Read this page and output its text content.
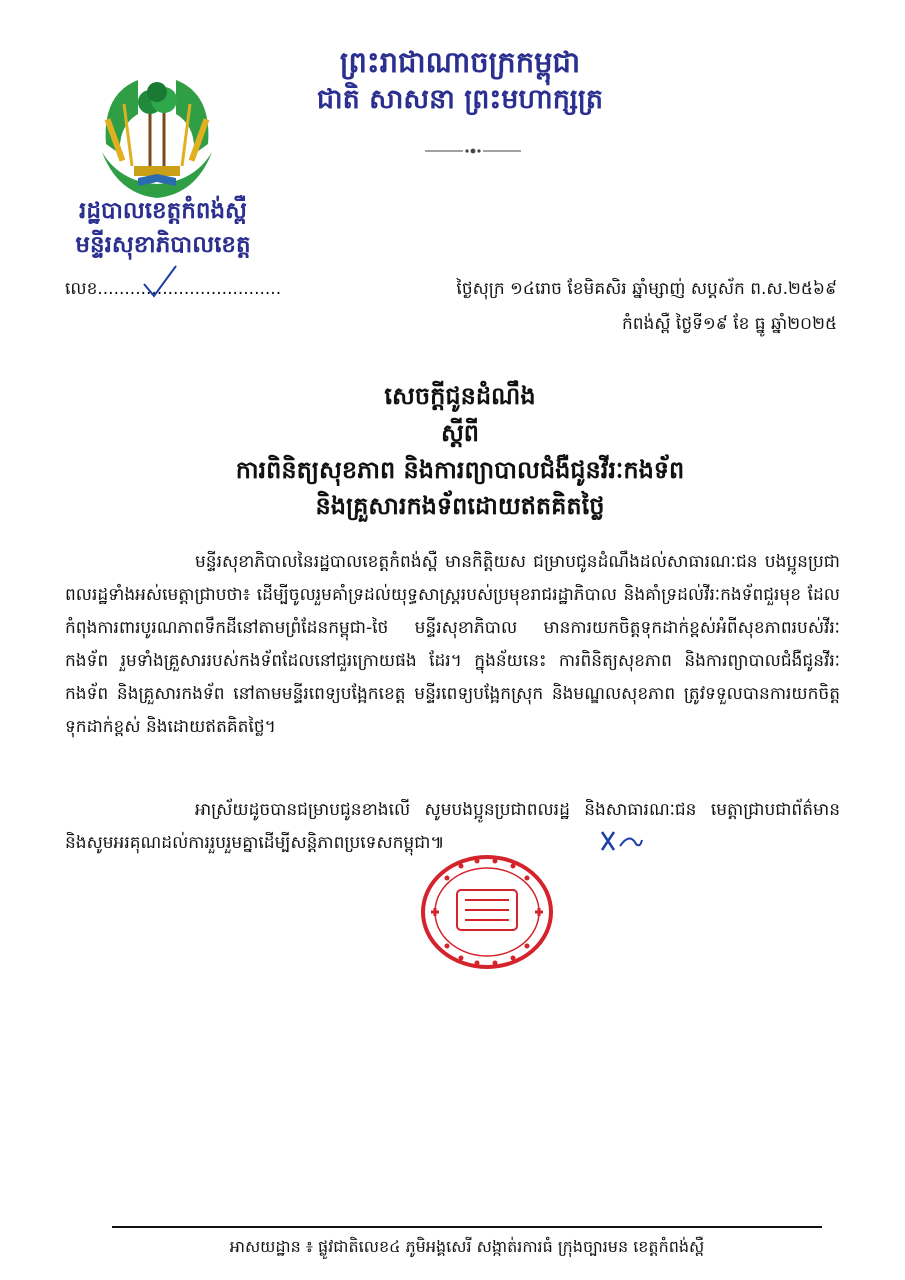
ព្រះរាជាណាចក្រកម្ពុជា
ជាតិ សាសនា ព្រះមហាក្សត្រ
រដ្ឋបាលខេត្តកំពង់ស្ពឺ
មន្ទីរសុខាភិបាលខេត្ត
លេខ..................................	ថ្ងៃសុក្រ ១៤រោច ខែមិគសិរ ឆ្នាំម្សាញ់ សប្តស័ក ព.ស.២៥៦៩
កំពង់ស្ពឺ ថ្ងៃទី១៩ ខែ ធ្នូ ឆ្នាំ២០២៥
សេចក្តីជូនដំណឹង
ស្តីពី
ការពិនិត្យសុខភាព និងការព្យាបាលជំងឺជូនវីរៈកងទ័ព
និងគ្រួសារកងទ័ពដោយឥតគិតថ្លៃ

មន្ទីរសុខាភិបាលនៃរដ្ឋបាលខេត្តកំពង់ស្ពឺ មានកិត្តិយស ជម្រាបជូនដំណឹងដល់សាធារណៈជន បងប្អូនប្រជាពលរដ្ឋទាំងអស់មេត្តាជ្រាបថា៖ ដើម្បីចូលរួមគាំទ្រដល់យុទ្ធសាស្ត្ររបស់ប្រមុខរាជរដ្ឋាភិបាល និងគាំទ្រដល់វីរៈកងទ័ពជួរមុខ ដែលកំពុងការពារបូរណភាពទឹកដីនៅតាមព្រំដែនកម្ពុជា-ថៃ មន្ទីរសុខាភិបាល មានការយកចិត្តទុកដាក់ខ្ពស់អំពីសុខភាពរបស់វីរៈកងទ័ព រួមទាំងគ្រួសាររបស់កងទ័ពដែលនៅជួរក្រោយផង ដែរ។ ក្នុងន័យនេះ ការពិនិត្យសុខភាព និងការព្យាបាលជំងឺជូនវីរៈកងទ័ព និងគ្រួសារកងទ័ព នៅតាមមន្ទីរពេទ្យបង្អែកខេត្ត មន្ទីរពេទ្យបង្អែកស្រុក និងមណ្ឌលសុខភាព ត្រូវទទួលបានការយកចិត្តទុកដាក់ខ្ពស់ និងដោយឥតគិតថ្លៃ។

អាស្រ័យដូចបានជម្រាបជូនខាងលើ សូមបងប្អូនប្រជាពលរដ្ឋ និងសាធារណៈជន មេត្តាជ្រាបជាព័ត៌មាន និងសូមអរគុណដល់ការរួបរួមគ្នាដើម្បីសន្តិភាពប្រទេសកម្ពុជា៕

អាសយដ្ឋាន ៖ ផ្លូវជាតិលេខ៤ ភូមិអង្គសេរី សង្កាត់រការធំ ក្រុងច្បារមន ខេត្តកំពង់ស្ពឺ
